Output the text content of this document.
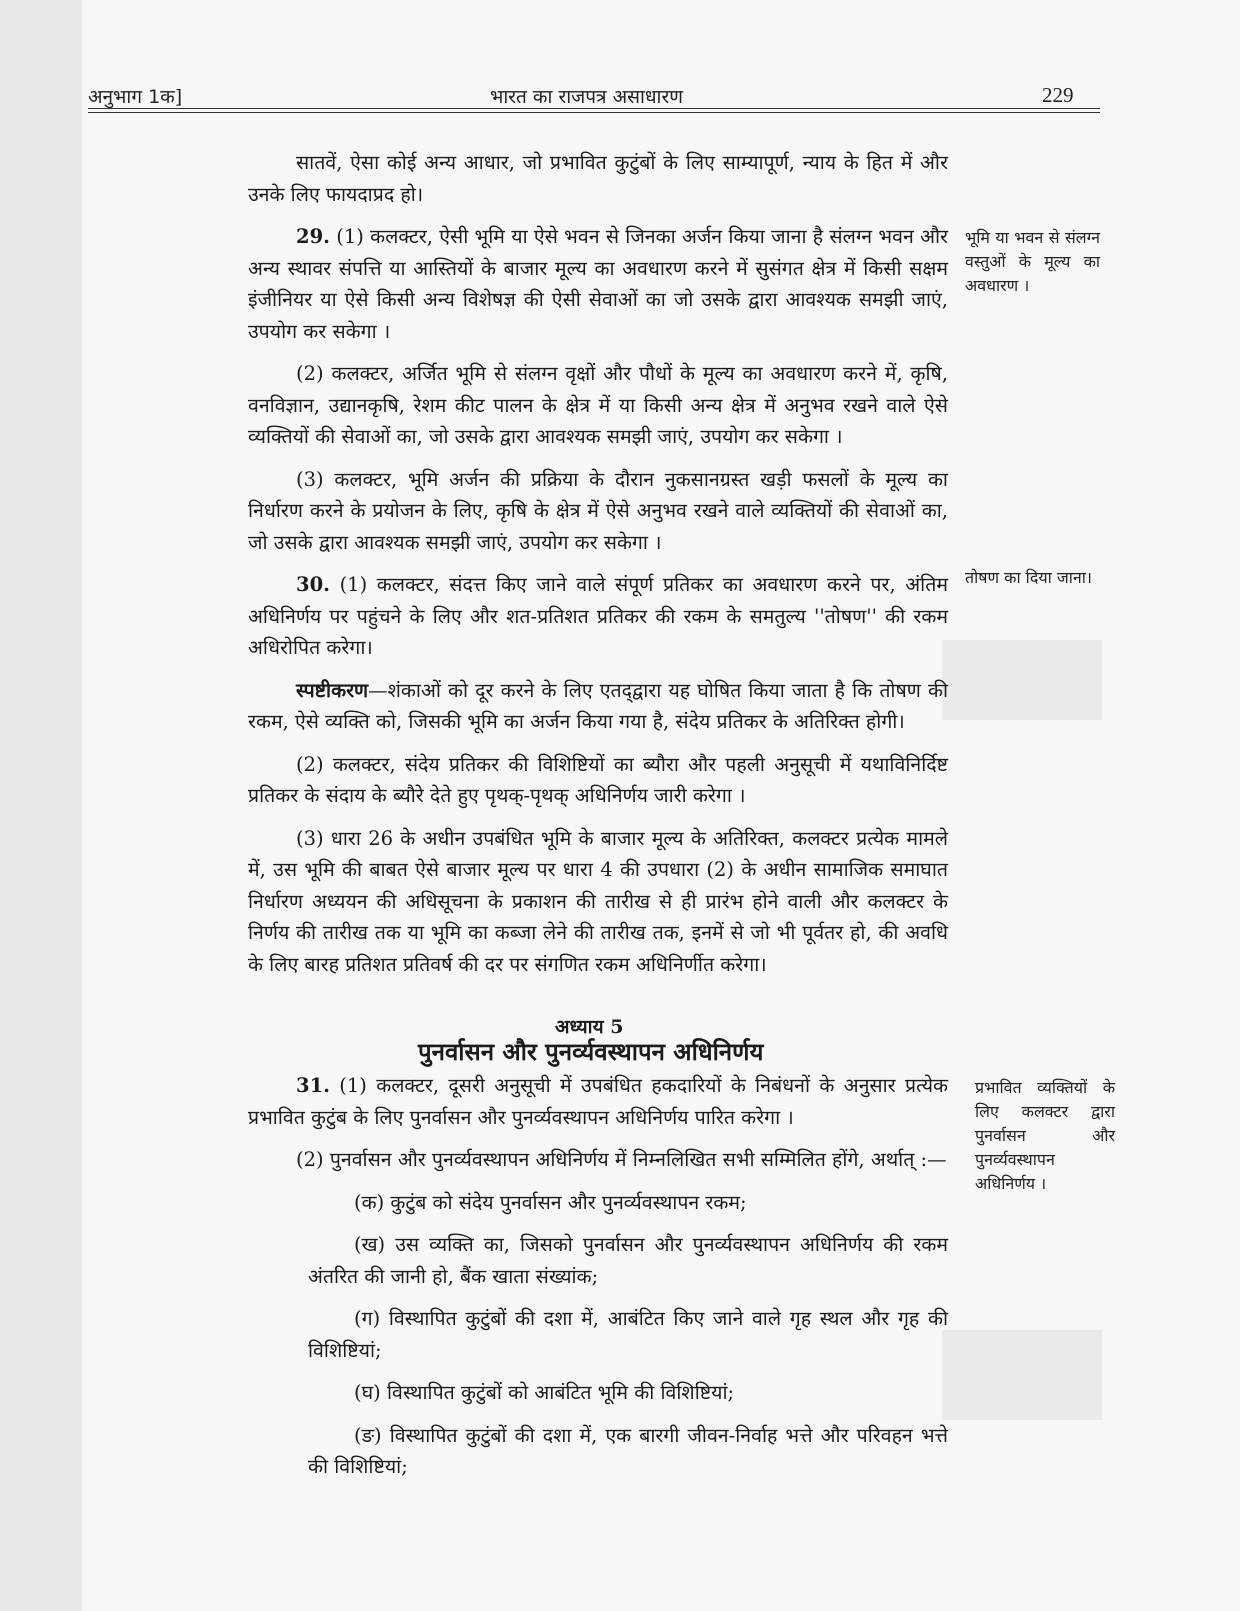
अनुभाग 1क]	भारत का राजपत्र असाधारण	229

सातवें, ऐसा कोई अन्य आधार, जो प्रभावित कुटुंबों के लिए साम्यापूर्ण, न्याय के हित में और उनके लिए फायदाप्रद हो।

29. (1) कलक्टर, ऐसी भूमि या ऐसे भवन से जिनका अर्जन किया जाना है संलग्न भवन और अन्य स्थावर संपत्ति या आस्तियों के बाजार मूल्य का अवधारण करने में सुसंगत क्षेत्र में किसी सक्षम इंजीनियर या ऐसे किसी अन्य विशेषज्ञ की ऐसी सेवाओं का जो उसके द्वारा आवश्यक समझी जाएं, उपयोग कर सकेगा ।

(2) कलक्टर, अर्जित भूमि से संलग्न वृक्षों और पौधों के मूल्य का अवधारण करने में, कृषि, वनविज्ञान, उद्यानकृषि, रेशम कीट पालन के क्षेत्र में या किसी अन्य क्षेत्र में अनुभव रखने वाले ऐसे व्यक्तियों की सेवाओं का, जो उसके द्वारा आवश्यक समझी जाएं, उपयोग कर सकेगा ।

(3) कलक्टर, भूमि अर्जन की प्रक्रिया के दौरान नुकसानग्रस्त खड़ी फसलों के मूल्य का निर्धारण करने के प्रयोजन के लिए, कृषि के क्षेत्र में ऐसे अनुभव रखने वाले व्यक्तियों की सेवाओं का, जो उसके द्वारा आवश्यक समझी जाएं, उपयोग कर सकेगा ।

30. (1) कलक्टर, संदत्त किए जाने वाले संपूर्ण प्रतिकर का अवधारण करने पर, अंतिम अधिनिर्णय पर पहुंचने के लिए और शत-प्रतिशत प्रतिकर की रकम के समतुल्य ''तोषण'' की रकम अधिरोपित करेगा।

स्पष्टीकरण—शंकाओं को दूर करने के लिए एतद्‌द्वारा यह घोषित किया जाता है कि तोषण की रकम, ऐसे व्यक्ति को, जिसकी भूमि का अर्जन किया गया है, संदेय प्रतिकर के अतिरिक्त होगी।

(2) कलक्टर, संदेय प्रतिकर की विशिष्टियों का ब्यौरा और पहली अनुसूची में यथाविनिर्दिष्ट प्रतिकर के संदाय के ब्यौरे देते हुए पृथक्-पृथक् अधिनिर्णय जारी करेगा ।

(3) धारा 26 के अधीन उपबंधित भूमि के बाजार मूल्य के अतिरिक्त, कलक्टर प्रत्येक मामले में, उस भूमि की बाबत ऐसे बाजार मूल्य पर धारा 4 की उपधारा (2) के अधीन सामाजिक समाघात निर्धारण अध्ययन की अधिसूचना के प्रकाशन की तारीख से ही प्रारंभ होने वाली और कलक्टर के निर्णय की तारीख तक या भूमि का कब्जा लेने की तारीख तक, इनमें से जो भी पूर्वतर हो, की अवधि के लिए बारह प्रतिशत प्रतिवर्ष की दर पर संगणित रकम अधिनिर्णीत करेगा।

अध्याय 5
पुनर्वासन और पुनर्व्यवस्थापन अधिनिर्णय

31. (1) कलक्टर, दूसरी अनुसूची में उपबंधित हकदारियों के निबंधनों के अनुसार प्रत्येक प्रभावित कुटुंब के लिए पुनर्वासन और पुनर्व्यवस्थापन अधिनिर्णय पारित करेगा ।

(2) पुनर्वासन और पुनर्व्यवस्थापन अधिनिर्णय में निम्नलिखित सभी सम्मिलित होंगे, अर्थात् :—

(क) कुटुंब को संदेय पुनर्वासन और पुनर्व्यवस्थापन रकम;

(ख) उस व्यक्ति का, जिसको पुनर्वासन और पुनर्व्यवस्थापन अधिनिर्णय की रकम अंतरित की जानी हो, बैंक खाता संख्यांक;

(ग) विस्थापित कुटुंबों की दशा में, आबंटित किए जाने वाले गृह स्थल और गृह की विशिष्टियां;

(घ) विस्थापित कुटुंबों को आबंटित भूमि की विशिष्टियां;

(ङ) विस्थापित कुटुंबों की दशा में, एक बारगी जीवन-निर्वाह भत्ते और परिवहन भत्ते की विशिष्टियां;

भूमि या भवन से संलग्न वस्तुओं के मूल्य का अवधारण ।
तोषण का दिया जाना।
प्रभावित व्यक्तियों के लिए कलक्टर द्वारा पुनर्वासन और पुनर्व्यवस्थापन अधिनिर्णय ।
